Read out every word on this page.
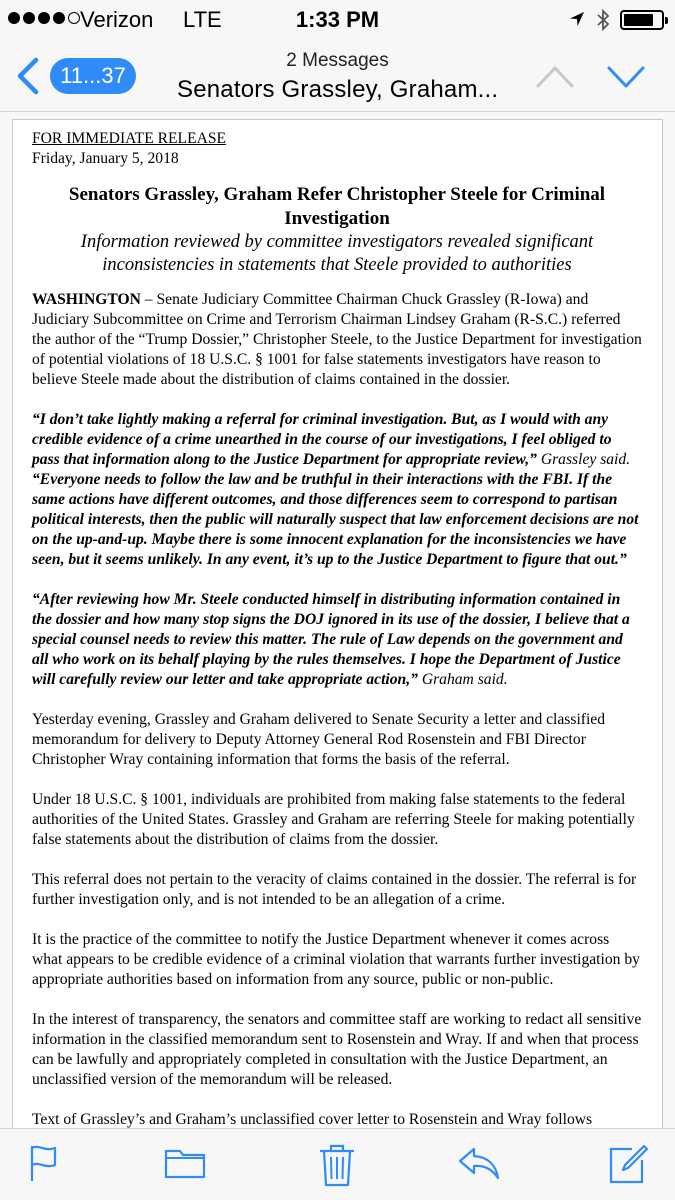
Verizon LTE	1:33 PM
11...37
2 Messages
Senators Grassley, Graham...
FOR IMMEDIATE RELEASE
Friday, January 5, 2018
Senators Grassley, Graham Refer Christopher Steele for Criminal Investigation
Information reviewed by committee investigators revealed significant inconsistencies in statements that Steele provided to authorities

WASHINGTON – Senate Judiciary Committee Chairman Chuck Grassley (R-Iowa) and Judiciary Subcommittee on Crime and Terrorism Chairman Lindsey Graham (R-S.C.) referred the author of the “Trump Dossier,” Christopher Steele, to the Justice Department for investigation of potential violations of 18 U.S.C. § 1001 for false statements investigators have reason to believe Steele made about the distribution of claims contained in the dossier.

“I don’t take lightly making a referral for criminal investigation. But, as I would with any credible evidence of a crime unearthed in the course of our investigations, I feel obliged to pass that information along to the Justice Department for appropriate review,” Grassley said. “Everyone needs to follow the law and be truthful in their interactions with the FBI. If the same actions have different outcomes, and those differences seem to correspond to partisan political interests, then the public will naturally suspect that law enforcement decisions are not on the up-and-up. Maybe there is some innocent explanation for the inconsistencies we have seen, but it seems unlikely. In any event, it’s up to the Justice Department to figure that out.”

“After reviewing how Mr. Steele conducted himself in distributing information contained in the dossier and how many stop signs the DOJ ignored in its use of the dossier, I believe that a special counsel needs to review this matter. The rule of Law depends on the government and all who work on its behalf playing by the rules themselves. I hope the Department of Justice will carefully review our letter and take appropriate action,” Graham said.

Yesterday evening, Grassley and Graham delivered to Senate Security a letter and classified memorandum for delivery to Deputy Attorney General Rod Rosenstein and FBI Director Christopher Wray containing information that forms the basis of the referral.

Under 18 U.S.C. § 1001, individuals are prohibited from making false statements to the federal authorities of the United States. Grassley and Graham are referring Steele for making potentially false statements about the distribution of claims from the dossier.

This referral does not pertain to the veracity of claims contained in the dossier. The referral is for further investigation only, and is not intended to be an allegation of a crime.

It is the practice of the committee to notify the Justice Department whenever it comes across what appears to be credible evidence of a criminal violation that warrants further investigation by appropriate authorities based on information from any source, public or non-public.

In the interest of transparency, the senators and committee staff are working to redact all sensitive information in the classified memorandum sent to Rosenstein and Wray. If and when that process can be lawfully and appropriately completed in consultation with the Justice Department, an unclassified version of the memorandum will be released.

Text of Grassley’s and Graham’s unclassified cover letter to Rosenstein and Wray follows
